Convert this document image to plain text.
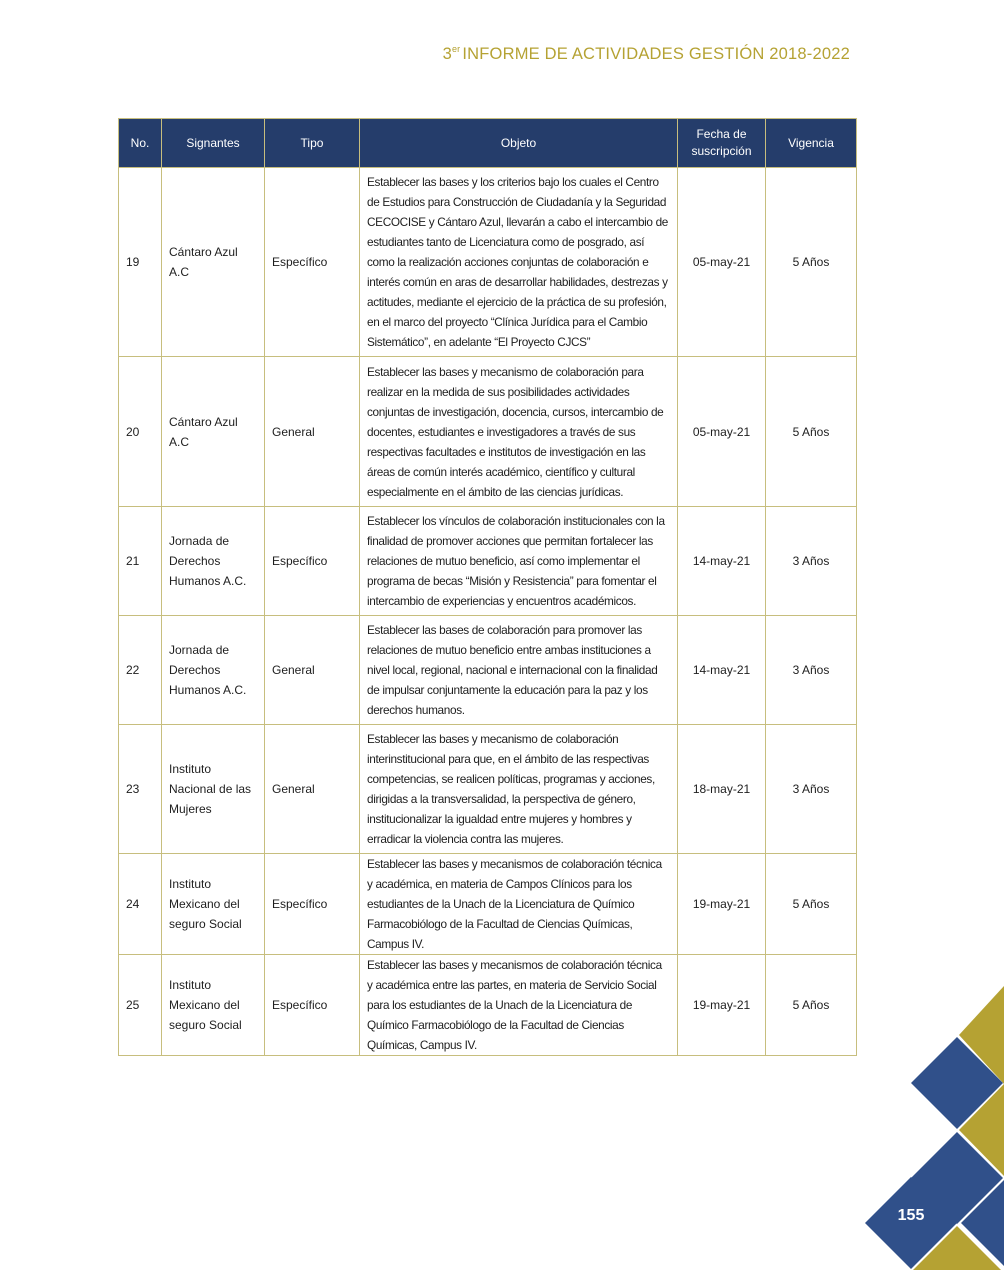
3er INFORME DE ACTIVIDADES GESTIÓN 2018-2022
No.	Signantes	Tipo	Objeto	Fecha de suscripción	Vigencia
19	Cántaro Azul A.C	Específico	Establecer las bases y los criterios bajo los cuales el Centro de Estudios para Construcción de Ciudadanía y la Seguridad CECOCISE y Cántaro Azul, llevarán a cabo el intercambio de estudiantes tanto de Licenciatura como de posgrado, así como la realización acciones conjuntas de colaboración e interés común en aras de desarrollar habilidades, destrezas y actitudes, mediante el ejercicio de la práctica de su profesión, en el marco del proyecto “Clínica Jurídica para el Cambio Sistemático”, en adelante “El Proyecto CJCS”	05-may-21	5 Años
20	Cántaro Azul A.C	General	Establecer las bases y mecanismo de colaboración para realizar en la medida de sus posibilidades actividades conjuntas de investigación, docencia, cursos, intercambio de docentes, estudiantes e investigadores a través de sus respectivas facultades e institutos de investigación en las áreas de común interés académico, científico y cultural especialmente en el ámbito de las ciencias jurídicas.	05-may-21	5 Años
21	Jornada de Derechos Humanos A.C.	Específico	Establecer los vínculos de colaboración institucionales con la finalidad de promover acciones que permitan fortalecer las relaciones de mutuo beneficio, así como implementar el programa de becas “Misión y Resistencia” para fomentar el intercambio de experiencias y encuentros académicos.	14-may-21	3 Años
22	Jornada de Derechos Humanos A.C.	General	Establecer las bases de colaboración para promover las relaciones de mutuo beneficio entre ambas instituciones a nivel local, regional, nacional e internacional con la finalidad de impulsar conjuntamente la educación para la paz y los derechos humanos.	14-may-21	3 Años
23	Instituto Nacional de las Mujeres	General	Establecer las bases y mecanismo de colaboración interinstitucional para que, en el ámbito de las respectivas competencias, se realicen políticas, programas y acciones, dirigidas a la transversalidad, la perspectiva de género, institucionalizar la igualdad entre mujeres y hombres y erradicar la violencia contra las mujeres.	18-may-21	3 Años
24	Instituto Mexicano del seguro Social	Específico	Establecer las bases y mecanismos de colaboración técnica y académica, en materia de Campos Clínicos para los estudiantes de la Unach de la Licenciatura de Químico Farmacobiólogo de la Facultad de Ciencias Químicas, Campus IV.	19-may-21	5 Años
25	Instituto Mexicano del seguro Social	Específico	Establecer las bases y mecanismos de colaboración técnica y académica entre las partes, en materia de Servicio Social para los estudiantes de la Unach de la Licenciatura de Químico Farmacobiólogo de la Facultad de Ciencias Químicas, Campus IV.	19-may-21	5 Años
155
